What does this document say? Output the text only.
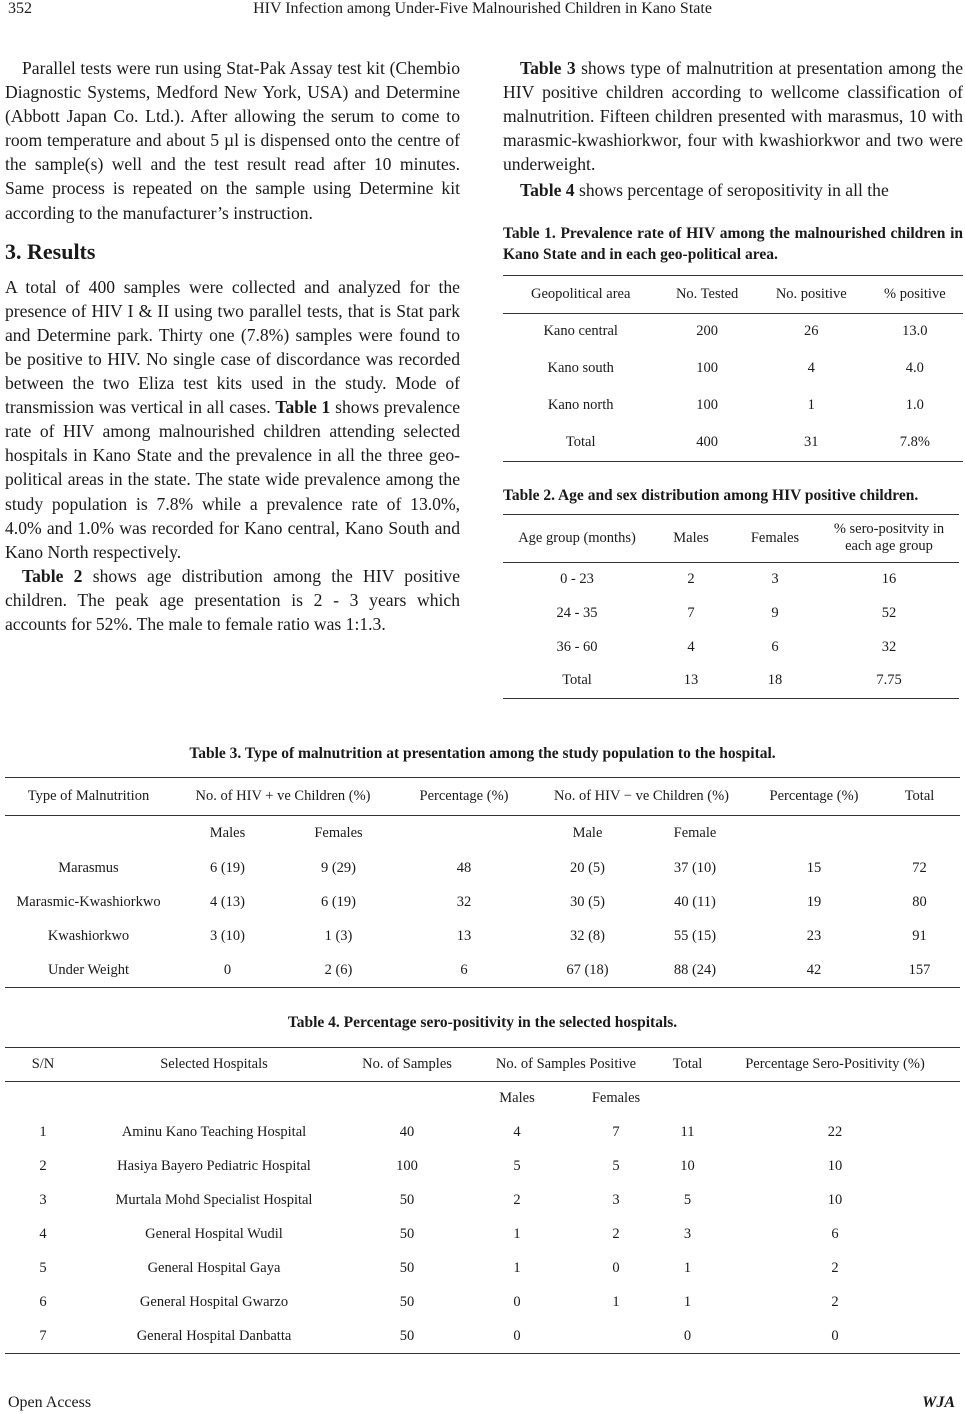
352	HIV Infection among Under-Five Malnourished Children in Kano State

Parallel tests were run using Stat-Pak Assay test kit (Chembio Diagnostic Systems, Medford New York, USA) and Determine (Abbott Japan Co. Ltd.). After allowing the serum to come to room temperature and about 5 µl is dispensed onto the centre of the sample(s) well and the test result read after 10 minutes. Same process is repeated on the sample using Determine kit according to the manufacturer’s instruction.

3. Results

A total of 400 samples were collected and analyzed for the presence of HIV I & II using two parallel tests, that is Stat park and Determine park. Thirty one (7.8%) samples were found to be positive to HIV. No single case of discordance was recorded between the two Eliza test kits used in the study. Mode of transmission was vertical in all cases. Table 1 shows prevalence rate of HIV among malnourished children attending selected hospitals in Kano State and the prevalence in all the three geo-political areas in the state. The state wide prevalence among the study population is 7.8% while a prevalence rate of 13.0%, 4.0% and 1.0% was recorded for Kano central, Kano South and Kano North respectively.

Table 2 shows age distribution among the HIV positive children. The peak age presentation is 2 - 3 years which accounts for 52%. The male to female ratio was 1:1.3.

Table 3 shows type of malnutrition at presentation among the HIV positive children according to wellcome classification of malnutrition. Fifteen children presented with marasmus, 10 with marasmic-kwashiorkwor, four with kwashiorkwor and two were underweight.

Table 4 shows percentage of seropositivity in all the

Table 1. Prevalence rate of HIV among the malnourished children in Kano State and in each geo-political area.
Geopolitical area	No. Tested	No. positive	% positive
Kano central	200	26	13.0
Kano south	100	4	4.0
Kano north	100	1	1.0
Total	400	31	7.8%
Table 2. Age and sex distribution among HIV positive children.
Age group (months)	Males	Females	% sero-positvity in each age group
0 - 23	2	3	16
24 - 35	7	9	52
36 - 60	4	6	32
Total	13	18	7.75
Table 3. Type of malnutrition at presentation among the study population to the hospital.
Type of Malnutrition	No. of HIV + ve Children (%)		Percentage (%)	No. of HIV − ve Children (%)		Percentage (%)	Total
	Males	Females		Male	Female		
Marasmus	6 (19)	9 (29)	48	20 (5)	37 (10)	15	72
Marasmic-Kwashiorkwo	4 (13)	6 (19)	32	30 (5)	40 (11)	19	80
Kwashiorkwo	3 (10)	1 (3)	13	32 (8)	55 (15)	23	91
Under Weight	0	2 (6)	6	67 (18)	88 (24)	42	157
Table 4. Percentage sero-positivity in the selected hospitals.
S/N	Selected Hospitals	No. of Samples	No. of Samples Positive		Total	Percentage Sero-Positivity (%)
			Males	Females		
1	Aminu Kano Teaching Hospital	40	4	7	11	22
2	Hasiya Bayero Pediatric Hospital	100	5	5	10	10
3	Murtala Mohd Specialist Hospital	50	2	3	5	10
4	General Hospital Wudil	50	1	2	3	6
5	General Hospital Gaya	50	1	0	1	2
6	General Hospital Gwarzo	50	0	1	1	2
7	General Hospital Danbatta	50	0		0	0
Open Access	WJA
